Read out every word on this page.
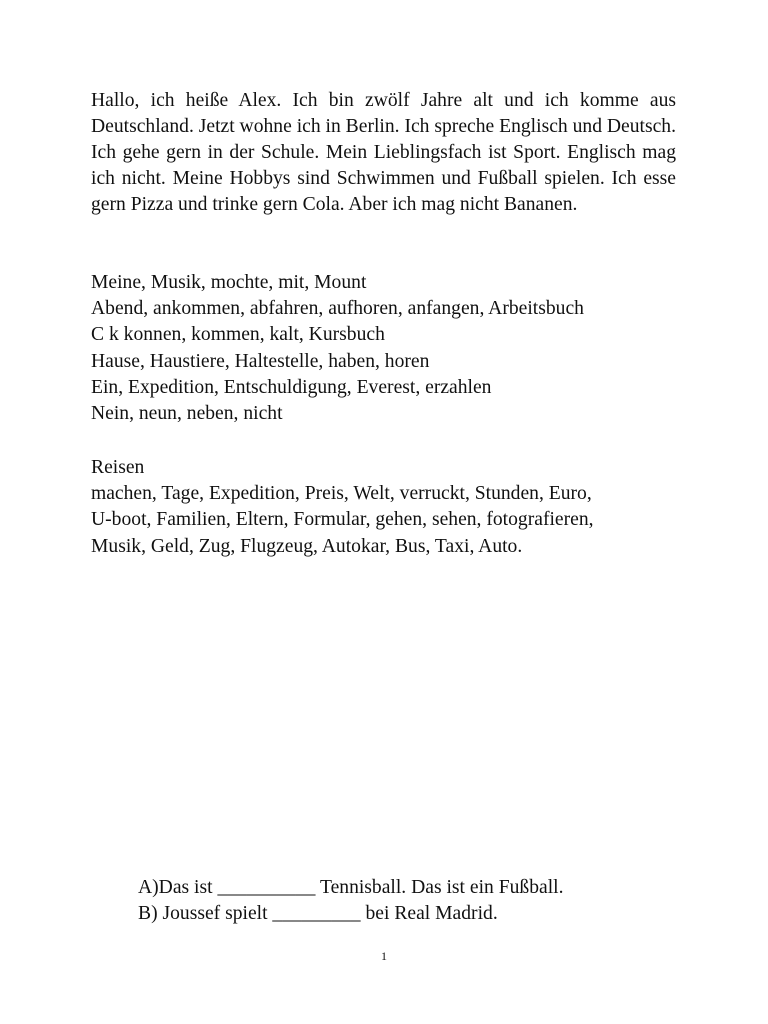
Hallo, ich heiße Alex. Ich bin zwölf Jahre alt und ich komme aus Deutschland. Jetzt wohne ich in Berlin. Ich spreche Englisch und Deutsch. Ich gehe gern in der Schule. Mein Lieblingsfach ist Sport. Englisch mag ich nicht. Meine Hobbys sind Schwimmen und Fußball spielen. Ich esse gern Pizza und trinke gern Cola. Aber ich mag nicht Bananen.

Meine, Musik, mochte, mit, Mount
Abend, ankommen, abfahren, aufhoren, anfangen, Arbeitsbuch
C k konnen, kommen, kalt, Kursbuch
Hause, Haustiere, Haltestelle, haben, horen
Ein, Expedition, Entschuldigung, Everest, erzahlen
Nein, neun, neben, nicht
Reisen
machen, Tage, Expedition, Preis, Welt, verruckt, Stunden, Euro,
U-boot, Familien, Eltern, Formular, gehen, sehen, fotografieren,
Musik, Geld, Zug, Flugzeug, Autokar, Bus, Taxi, Auto.
A)Das ist __________ Tennisball. Das ist ein Fußball.
B) Joussef spielt _________ bei Real Madrid.
1
